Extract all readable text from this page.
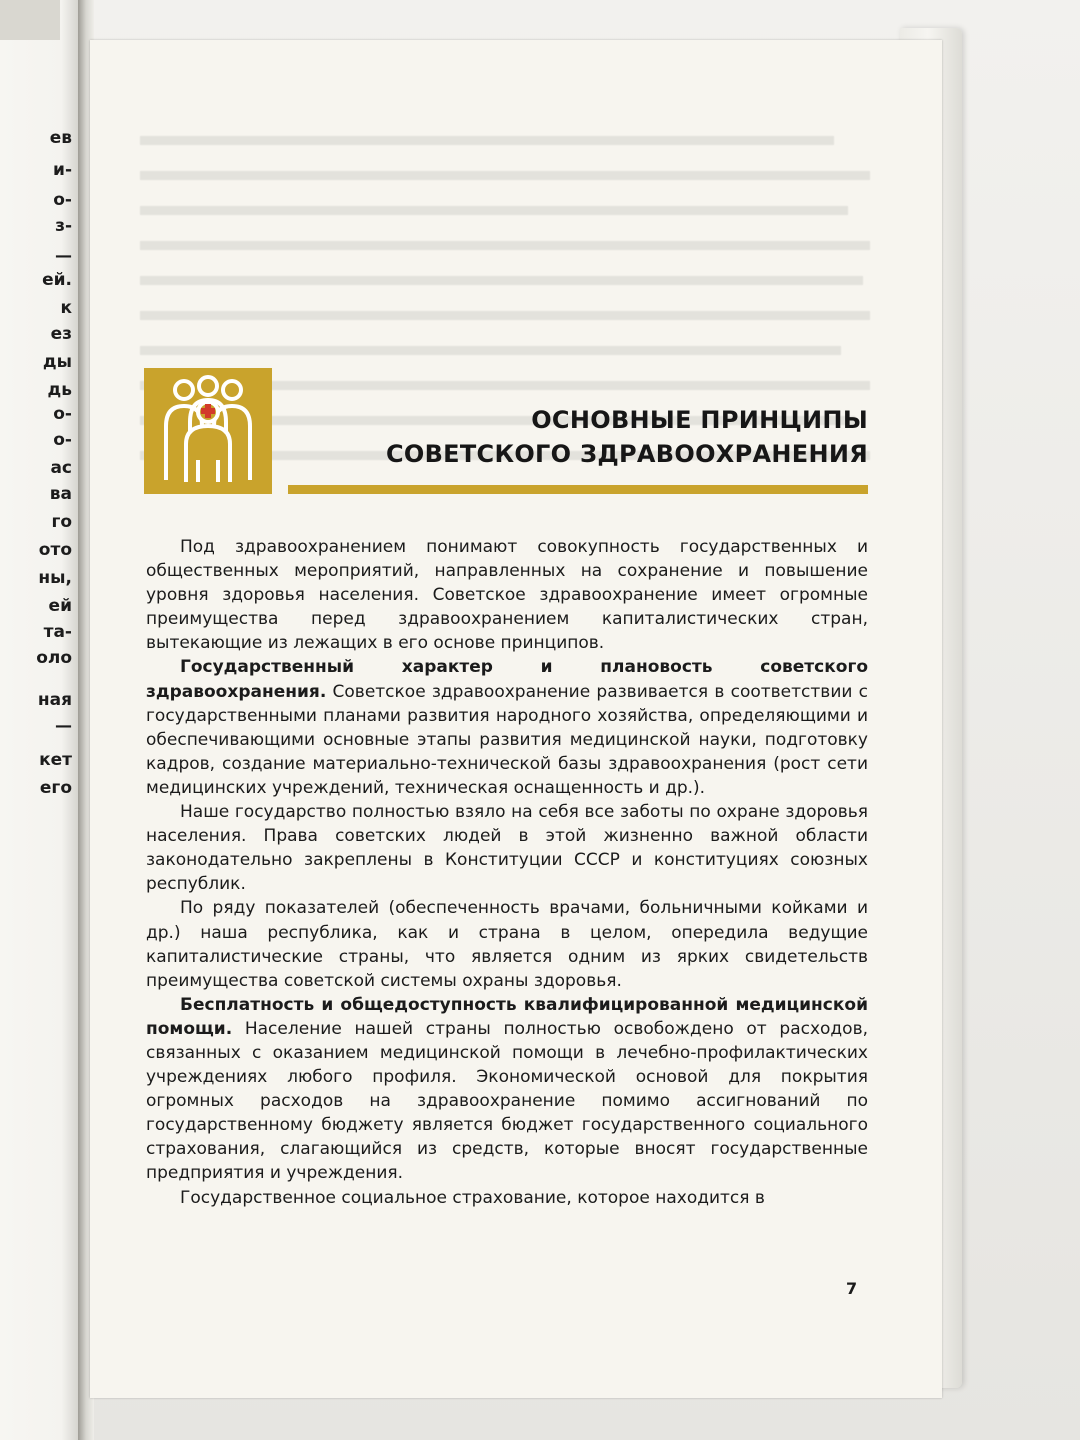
ев
и-
о-
з-
—
ей.
к
ез
ды
дь
о-
о-
ас
ва
го
ото
ны,
ей
та-
оло
ная
—
кет
его
ОСНОВНЫЕ ПРИНЦИПЫ
СОВЕТСКОГО ЗДРАВООХРАНЕНИЯ

Под здравоохранением понимают совокупность государственных и общественных мероприятий, направленных на сохранение и повышение уровня здоровья населения. Советское здравоохранение имеет огромные преимущества перед здравоохранением капиталистических стран, вытекающие из лежащих в его основе принципов.

Государственный характер и плановость советского здравоохранения. Советское здравоохранение развивается в соответствии с государственными планами развития народного хозяйства, определяющими и обеспечивающими основные этапы развития медицинской науки, подготовку кадров, создание материально-технической базы здравоохранения (рост сети медицинских учреждений, техническая оснащенность и др.).

Наше государство полностью взяло на себя все заботы по охране здоровья населения. Права советских людей в этой жизненно важной области законодательно закреплены в Конституции СССР и конституциях союзных республик.

По ряду показателей (обеспеченность врачами, больничными койками и др.) наша республика, как и страна в целом, опередила ведущие капиталистические страны, что является одним из ярких свидетельств преимущества советской системы охраны здоровья.

Бесплатность и общедоступность квалифицированной медицинской помощи. Население нашей страны полностью освобождено от расходов, связанных с оказанием медицинской помощи в лечебно-профилактических учреждениях любого профиля. Экономической основой для покрытия огромных расходов на здравоохранение помимо ассигнований по государственному бюджету является бюджет государственного социального страхования, слагающийся из средств, которые вносят государственные предприятия и учреждения.

Государственное социальное страхование, которое находится в

7
